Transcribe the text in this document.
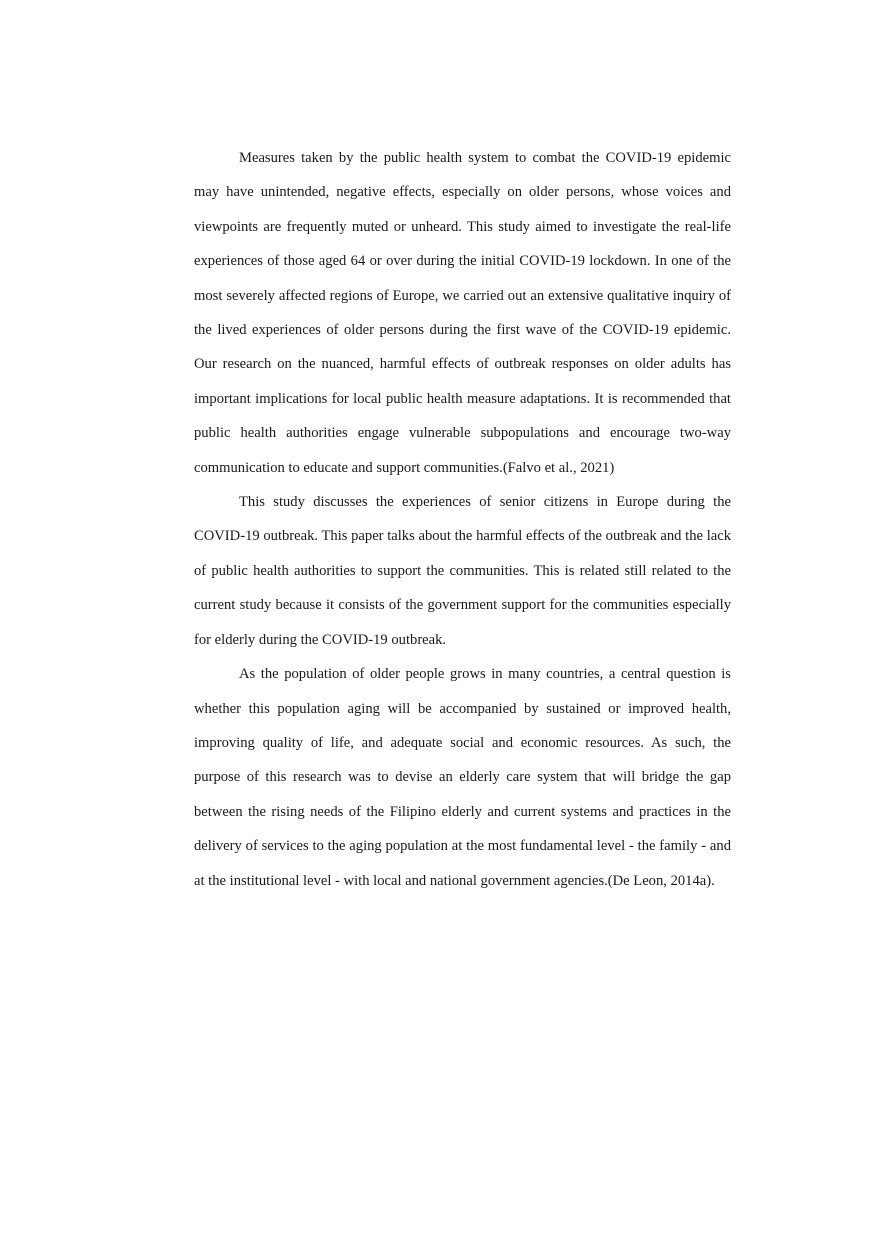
Measures taken by the public health system to combat the COVID-19 epidemic may have unintended, negative effects, especially on older persons, whose voices and viewpoints are frequently muted or unheard. This study aimed to investigate the real-life experiences of those aged 64 or over during the initial COVID-19 lockdown. In one of the most severely affected regions of Europe, we carried out an extensive qualitative inquiry of the lived experiences of older persons during the first wave of the COVID-19 epidemic. Our research on the nuanced, harmful effects of outbreak responses on older adults has important implications for local public health measure adaptations. It is recommended that public health authorities engage vulnerable subpopulations and encourage two-way communication to educate and support communities.(Falvo et al., 2021)

This study discusses the experiences of senior citizens in Europe during the COVID-19 outbreak. This paper talks about the harmful effects of the outbreak and the lack of public health authorities to support the communities. This is related still related to the current study because it consists of the government support for the communities especially for elderly during the COVID-19 outbreak.

As the population of older people grows in many countries, a central question is whether this population aging will be accompanied by sustained or improved health, improving quality of life, and adequate social and economic resources. As such, the purpose of this research was to devise an elderly care system that will bridge the gap between the rising needs of the Filipino elderly and current systems and practices in the delivery of services to the aging population at the most fundamental level - the family - and at the institutional level - with local and national government agencies.(De Leon, 2014a).
